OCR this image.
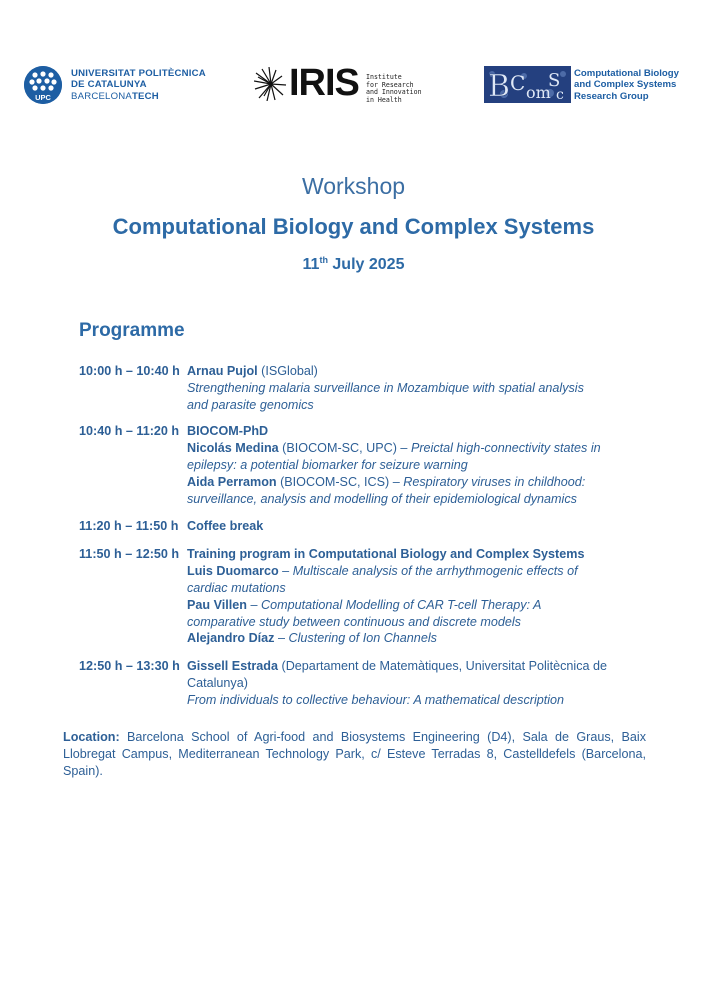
UPC
UNIVERSITAT POLITÈCNICA
DE CATALUNYA
BARCELONATECH	IRIS Institute
for Research
and Innovation
in Health	B C om
S
c
Computational Biology
and Complex Systems
Research Group
Workshop
Computational Biology and Complex Systems
11th July 2025
Programme
10:00 h – 10:40 h Arnau Pujol (ISGlobal)
Strengthening malaria surveillance in Mozambique with spatial analysis
and parasite genomics
10:40 h – 11:20 h BIOCOM-PhD
Nicolás Medina (BIOCOM-SC, UPC) – Preictal high-connectivity states in
epilepsy: a potential biomarker for seizure warning
Aida Perramon (BIOCOM-SC, ICS) – Respiratory viruses in childhood:
surveillance, analysis and modelling of their epidemiological dynamics
11:20 h – 11:50 h Coffee break
11:50 h – 12:50 h Training program in Computational Biology and Complex Systems
Luis Duomarco – Multiscale analysis of the arrhythmogenic effects of
cardiac mutations
Pau Villen – Computational Modelling of CAR T-cell Therapy: A
comparative study between continuous and discrete models
Alejandro Díaz – Clustering of Ion Channels
12:50 h – 13:30 h Gissell Estrada (Departament de Matemàtiques, Universitat Politècnica de
Catalunya)
From individuals to collective behaviour: A mathematical description
Location: Barcelona School of Agri-food and Biosystems Engineering (D4), Sala de Graus, Baix Llobregat Campus, Mediterranean Technology Park, c/ Esteve Terradas 8, Castelldefels (Barcelona, Spain).
